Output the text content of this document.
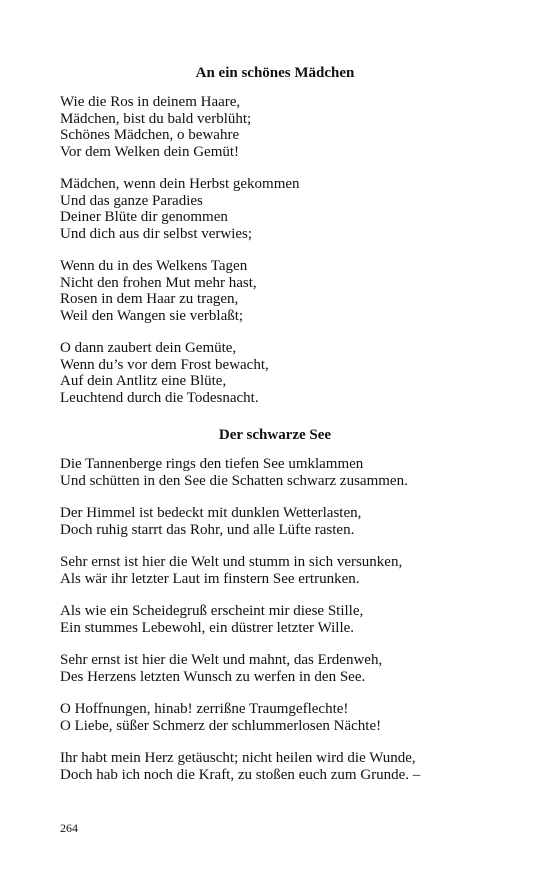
An ein schönes Mädchen
Wie die Ros in deinem Haare,
Mädchen, bist du bald verblüht;
Schönes Mädchen, o bewahre
Vor dem Welken dein Gemüt!
Mädchen, wenn dein Herbst gekommen
Und das ganze Paradies
Deiner Blüte dir genommen
Und dich aus dir selbst verwies;
Wenn du in des Welkens Tagen
Nicht den frohen Mut mehr hast,
Rosen in dem Haar zu tragen,
Weil den Wangen sie verblaßt;
O dann zaubert dein Gemüte,
Wenn du’s vor dem Frost bewacht,
Auf dein Antlitz eine Blüte,
Leuchtend durch die Todesnacht.
Der schwarze See
Die Tannenberge rings den tiefen See umklammen
Und schütten in den See die Schatten schwarz zusammen.
Der Himmel ist bedeckt mit dunklen Wetterlasten,
Doch ruhig starrt das Rohr, und alle Lüfte rasten.
Sehr ernst ist hier die Welt und stumm in sich versunken,
Als wär ihr letzter Laut im finstern See ertrunken.
Als wie ein Scheidegruß erscheint mir diese Stille,
Ein stummes Lebewohl, ein düstrer letzter Wille.
Sehr ernst ist hier die Welt und mahnt, das Erdenweh,
Des Herzens letzten Wunsch zu werfen in den See.
O Hoffnungen, hinab! zerrißne Traumgeflechte!
O Liebe, süßer Schmerz der schlummerlosen Nächte!
Ihr habt mein Herz getäuscht; nicht heilen wird die Wunde,
Doch hab ich noch die Kraft, zu stoßen euch zum Grunde. –
264
